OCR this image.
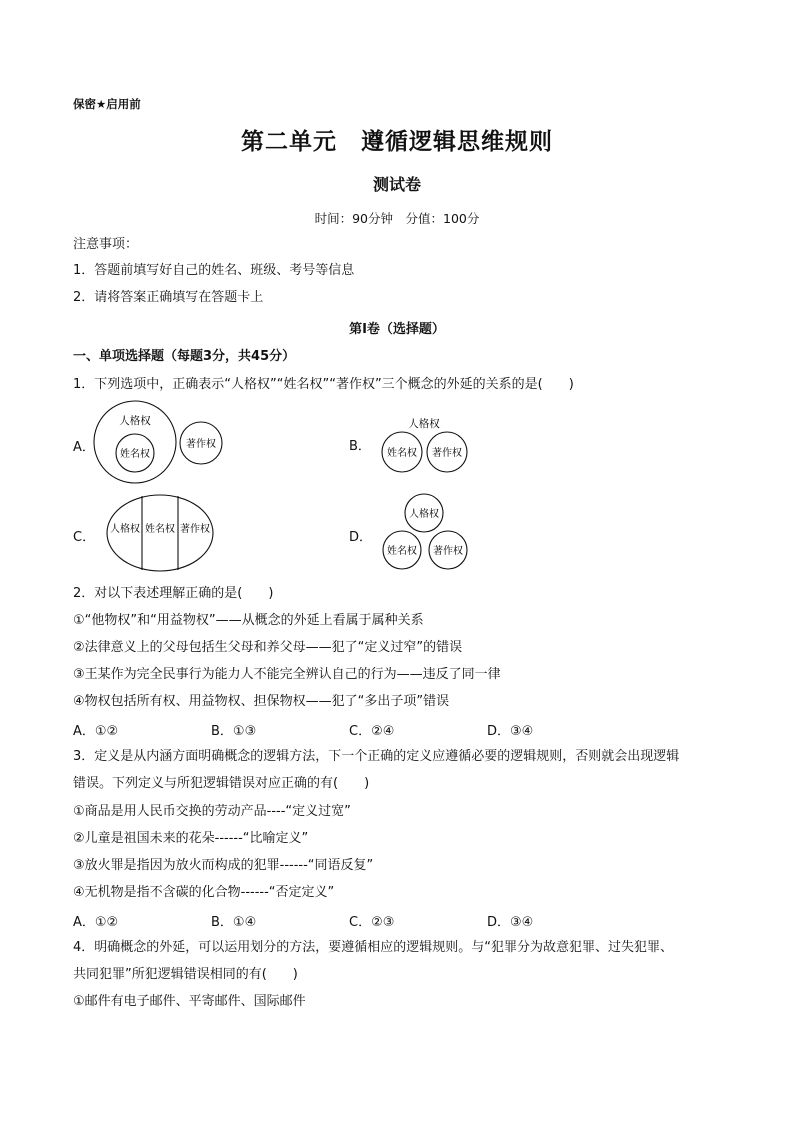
保密★启用前
第二单元　遵循逻辑思维规则
测试卷
时间：90分钟　分值：100分
注意事项：
1．答题前填写好自己的姓名、班级、考号等信息
2．请将答案正确填写在答题卡上
第I卷（选择题）
一、单项选择题（每题3分，共45分）
1．下列选项中，正确表示“人格权”“姓名权”“著作权”三个概念的外延的关系的是(　　)
A．	B．
C．	D．
人格权
姓名权
著作权
人格权
姓名权 著作权
人格权 姓名权 著作权
人格权
姓名权 著作权
2．对以下表述理解正确的是(　　)
①“他物权”和“用益物权”——从概念的外延上看属于属种关系
②法律意义上的父母包括生父母和养父母——犯了“定义过窄”的错误
③王某作为完全民事行为能力人不能完全辨认自己的行为——违反了同一律
④物权包括所有权、用益物权、担保物权——犯了“多出子项”错误
A．①②	B．①③	C．②④	D．③④
3．定义是从内涵方面明确概念的逻辑方法，下一个正确的定义应遵循必要的逻辑规则，否则就会出现逻辑
错误。下列定义与所犯逻辑错误对应正确的有(　　)
①商品是用人民币交换的劳动产品----“定义过宽”
②儿童是祖国未来的花朵------“比喻定义”
③放火罪是指因为放火而构成的犯罪------“同语反复”
④无机物是指不含碳的化合物------“否定定义”
A．①②	B．①④	C．②③	D．③④
4．明确概念的外延，可以运用划分的方法，要遵循相应的逻辑规则。与“犯罪分为故意犯罪、过失犯罪、
共同犯罪”所犯逻辑错误相同的有(　　)
①邮件有电子邮件、平寄邮件、国际邮件
